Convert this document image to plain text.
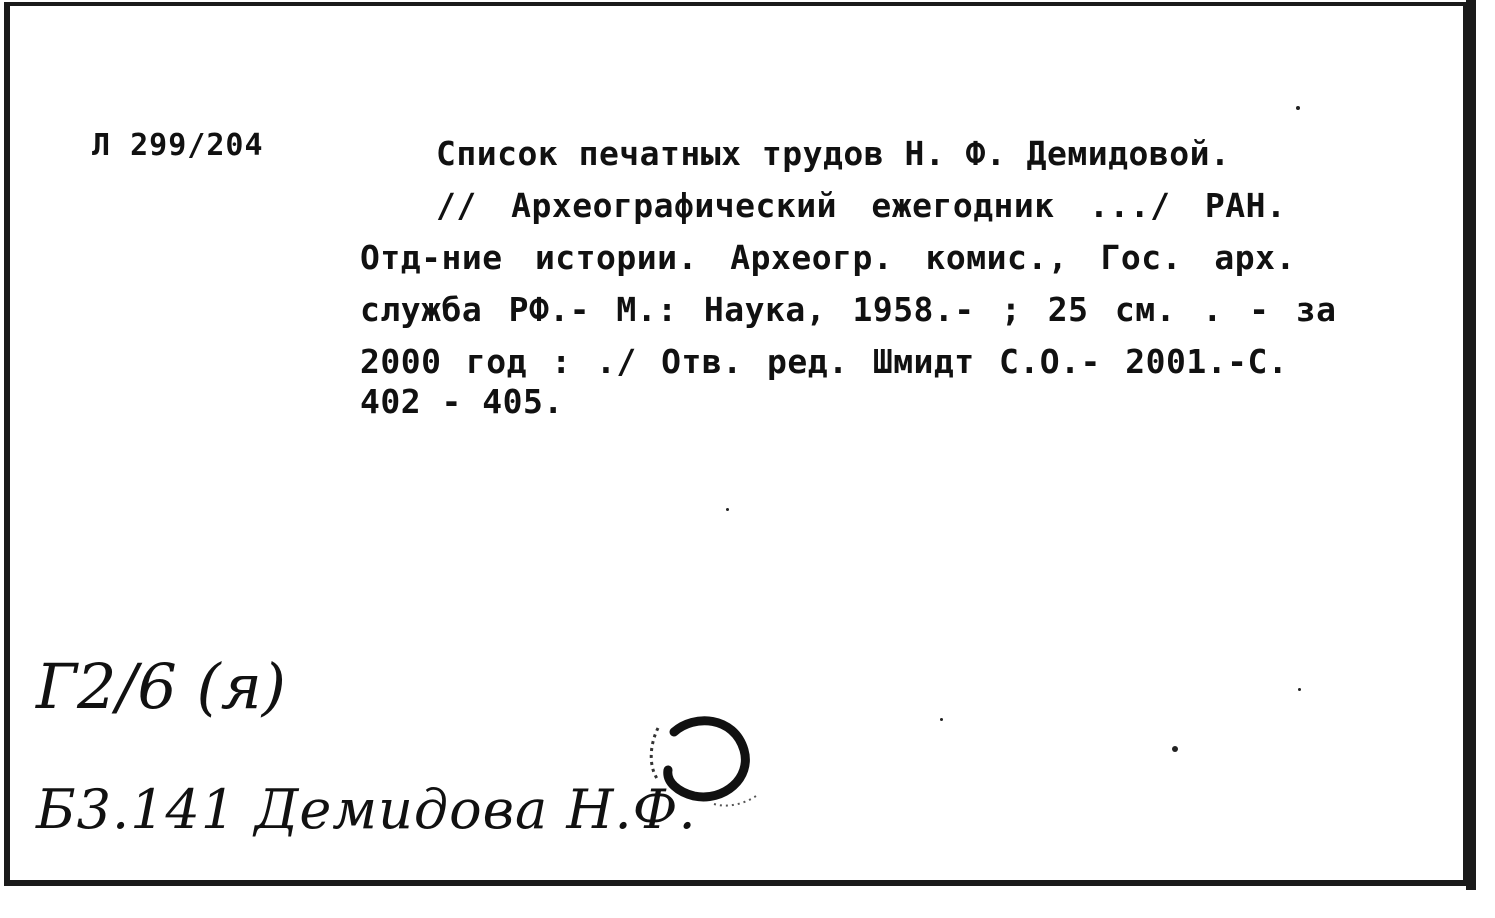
Л 299/204	Список печатных трудов Н. Ф. Демидовой.
// Археографический ежегодник .../ РАН.
Отд-ние истории. Археогр. комис., Гос. арх.
служба РФ.- М.: Наука, 1958.- ; 25 см. . - за
2000 год : ./ Отв. ред. Шмидт С.О.- 2001.-С.
402 - 405.
Г2/6 (я)
Б3.141 Демидова Н.Ф.
